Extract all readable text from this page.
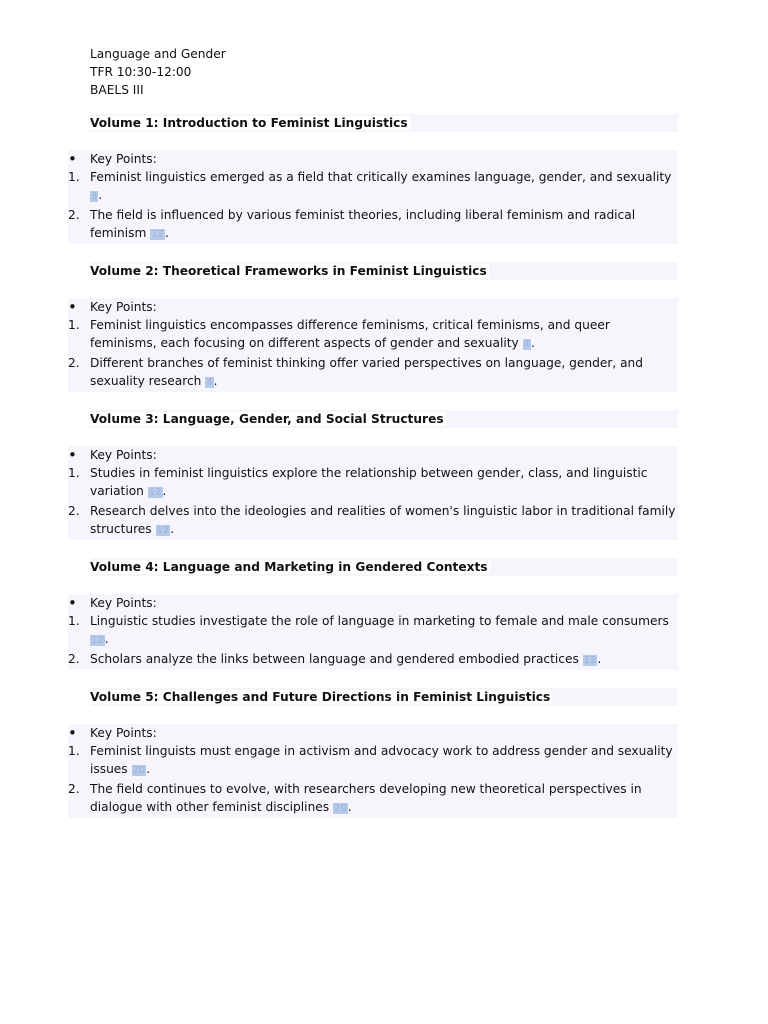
Language and Gender
TFR 10:30-12:00
BAELS III
Volume 1: Introduction to Feminist Linguistics
•	Key Points:
1. Feminist linguistics emerged as a field that critically examines language, gender, and sexuality 3.
2. The field is influenced by various feminist theories, including liberal feminism and radical feminism 12.
Volume 2: Theoretical Frameworks in Feminist Linguistics
•	Key Points:
1. Feminist linguistics encompasses difference feminisms, critical feminisms, and queer feminisms, each focusing on different aspects of gender and sexuality 4.
2. Different branches of feminist thinking offer varied perspectives on language, gender, and sexuality research 4.
Volume 3: Language, Gender, and Social Structures
•	Key Points:
1. Studies in feminist linguistics explore the relationship between gender, class, and linguistic variation 12.
2. Research delves into the ideologies and realities of women's linguistic labor in traditional family structures 12.
Volume 4: Language and Marketing in Gendered Contexts
•	Key Points:
1. Linguistic studies investigate the role of language in marketing to female and male consumers 12.
2. Scholars analyze the links between language and gendered embodied practices 12.
Volume 5: Challenges and Future Directions in Feminist Linguistics
•	Key Points:
1. Feminist linguists must engage in activism and advocacy work to address gender and sexuality issues 20.
2. The field continues to evolve, with researchers developing new theoretical perspectives in dialogue with other feminist disciplines 20.
